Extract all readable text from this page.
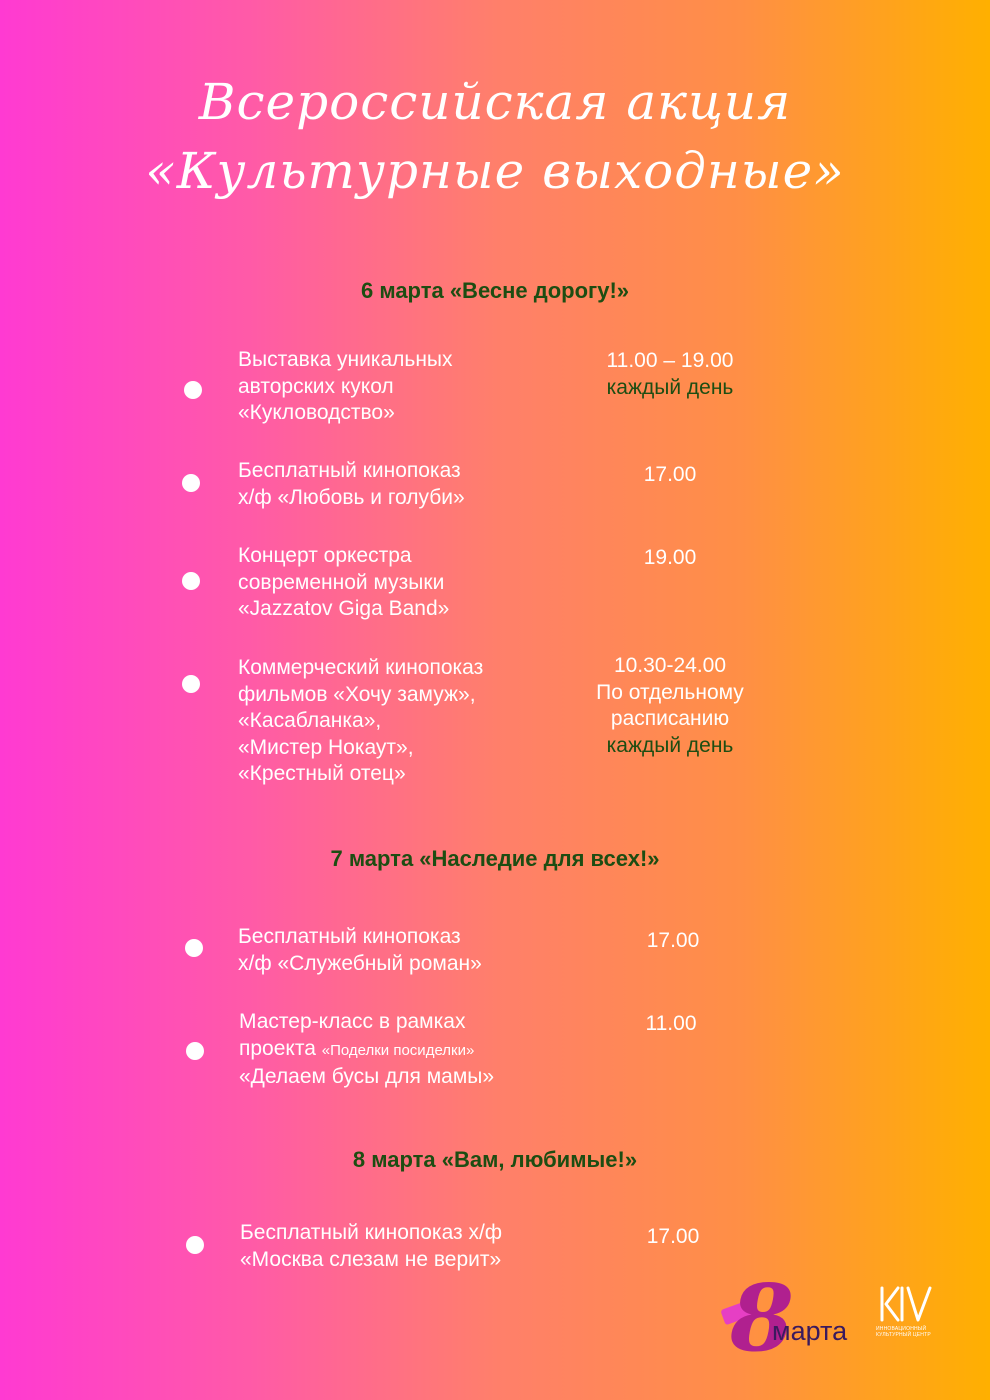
Всероссийская акция
«Культурные выходные»
6 марта «Весне дорогу!»
Выставка уникальных
авторских кукол
«Кукловодство»
11.00 – 19.00
каждый день
Бесплатный кинопоказ
х/ф «Любовь и голуби»
17.00
Концерт оркестра
современной музыки
«Jazzatov Giga Band»
19.00
Коммерческий кинопоказ
фильмов «Хочу замуж»,
«Касабланка»,
«Мистер Нокаут»,
«Крестный отец»
10.30-24.00
По отдельному
расписанию
каждый день
7 марта «Наследие для всех!»
Бесплатный кинопоказ
х/ф «Служебный роман»
17.00
Мастер-класс в рамках
проекта «Поделки посиделки»
«Делаем бусы для мамы»
11.00
8 марта «Вам, любимые!»
Бесплатный кинопоказ х/ф
«Москва слезам не верит»
17.00
8
марта	ИННОВАЦИОННЫЙ КУЛЬТУРНЫЙ ЦЕНТР
